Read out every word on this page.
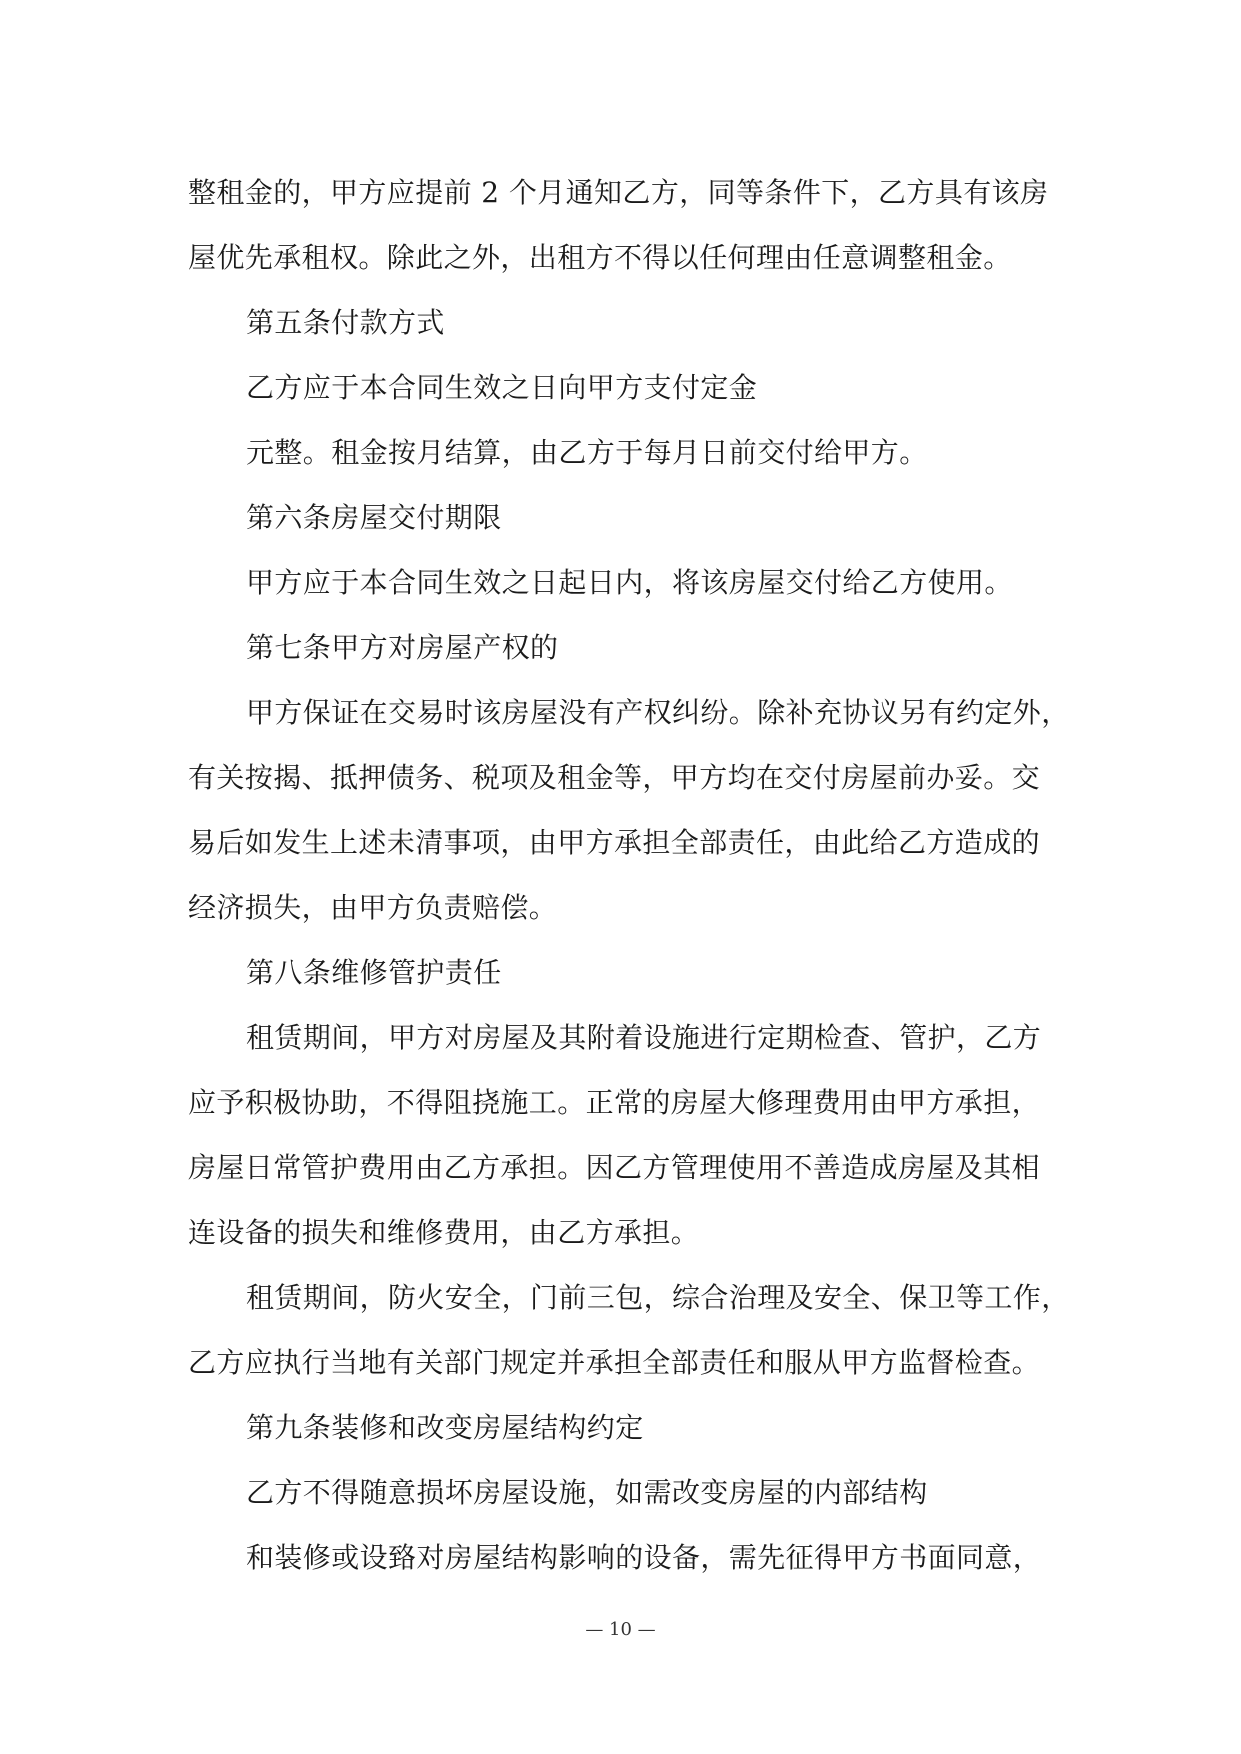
整租金的，甲方应提前 2 个月通知乙方，同等条件下，乙方具有该房
屋优先承租权。除此之外，出租方不得以任何理由任意调整租金。
第五条付款方式
乙方应于本合同生效之日向甲方支付定金
元整。租金按月结算，由乙方于每月日前交付给甲方。
第六条房屋交付期限
甲方应于本合同生效之日起日内，将该房屋交付给乙方使用。
第七条甲方对房屋产权的
甲方保证在交易时该房屋没有产权纠纷。除补充协议另有约定外，
有关按揭、抵押债务、税项及租金等，甲方均在交付房屋前办妥。交
易后如发生上述未清事项，由甲方承担全部责任，由此给乙方造成的
经济损失，由甲方负责赔偿。
第八条维修管护责任
租赁期间，甲方对房屋及其附着设施进行定期检查、管护，乙方
应予积极协助，不得阻挠施工。正常的房屋大修理费用由甲方承担，
房屋日常管护费用由乙方承担。因乙方管理使用不善造成房屋及其相
连设备的损失和维修费用，由乙方承担。
租赁期间，防火安全，门前三包，综合治理及安全、保卫等工作，
乙方应执行当地有关部门规定并承担全部责任和服从甲方监督检查。
第九条装修和改变房屋结构约定
乙方不得随意损坏房屋设施，如需改变房屋的内部结构
和装修或设臵对房屋结构影响的设备，需先征得甲方书面同意，
— 10 —
